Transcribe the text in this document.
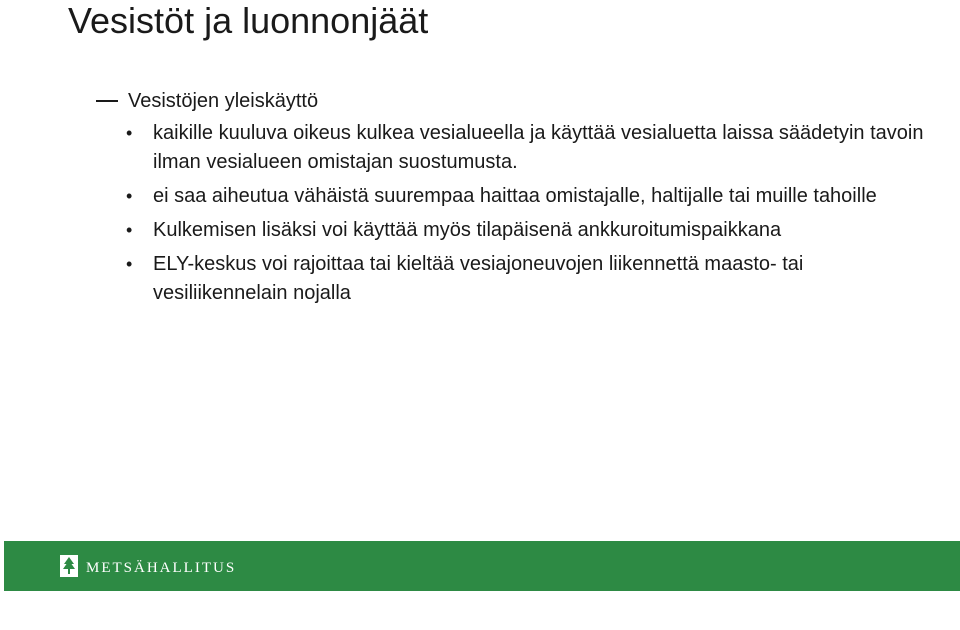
Vesistöt ja luonnonjäät
Vesistöjen yleiskäyttö
• kaikille kuuluva oikeus kulkea vesialueella ja käyttää vesialuetta laissa säädetyin tavoin ilman vesialueen omistajan suostumusta.
• ei saa aiheutua vähäistä suurempaa haittaa omistajalle, haltijalle tai muille tahoille
• Kulkemisen lisäksi voi käyttää myös tilapäisenä ankkuroitumispaikkana
• ELY-keskus voi rajoittaa tai kieltää vesiajoneuvojen liikennettä maasto- tai vesiliikennelain nojalla
METSÄHALLITUS
